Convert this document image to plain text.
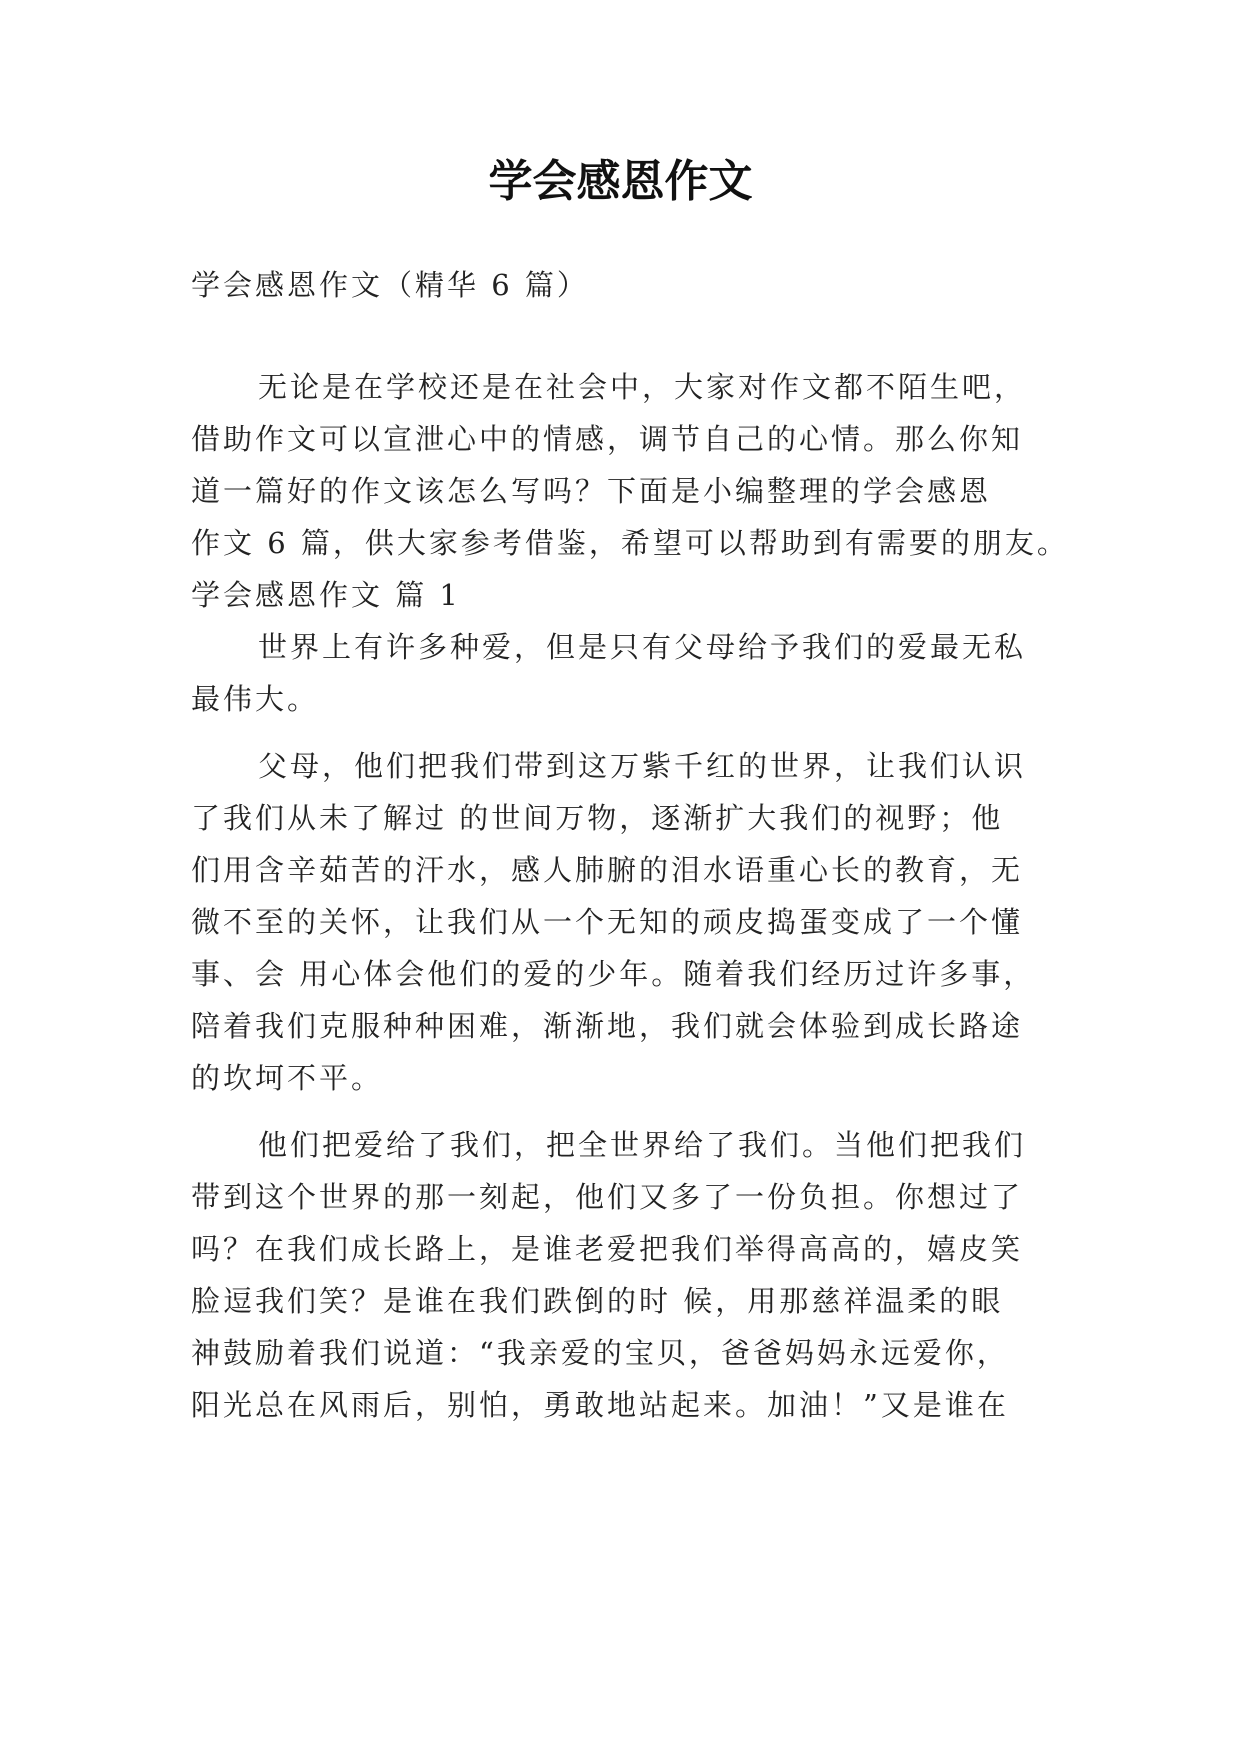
学会感恩作文

学会感恩作文（精华 6 篇）

无论是在学校还是在社会中，大家对作文都不陌生吧，

借助作文可以宣泄心中的情感，调节自己的心情。那么你知

道一篇好的作文该怎么写吗？下面是小编整理的学会感恩

作文 6 篇，供大家参考借鉴，希望可以帮助到有需要的朋友。

学会感恩作文 篇 1

世界上有许多种爱，但是只有父母给予我们的爱最无私

最伟大。

父母，他们把我们带到这万紫千红的世界，让我们认识

了我们从未了解过 的世间万物，逐渐扩大我们的视野；他

们用含辛茹苦的汗水，感人肺腑的泪水语重心长的教育，无

微不至的关怀，让我们从一个无知的顽皮捣蛋变成了一个懂

事、会 用心体会他们的爱的少年。随着我们经历过许多事，

陪着我们克服种种困难，渐渐地，我们就会体验到成长路途

的坎坷不平。

他们把爱给了我们，把全世界给了我们。当他们把我们

带到这个世界的那一刻起，他们又多了一份负担。你想过了

吗？在我们成长路上，是谁老爱把我们举得高高的，嬉皮笑

脸逗我们笑？是谁在我们跌倒的时 候，用那慈祥温柔的眼

神鼓励着我们说道：“我亲爱的宝贝，爸爸妈妈永远爱你，

阳光总在风雨后，别怕，勇敢地站起来。加油！”又是谁在
